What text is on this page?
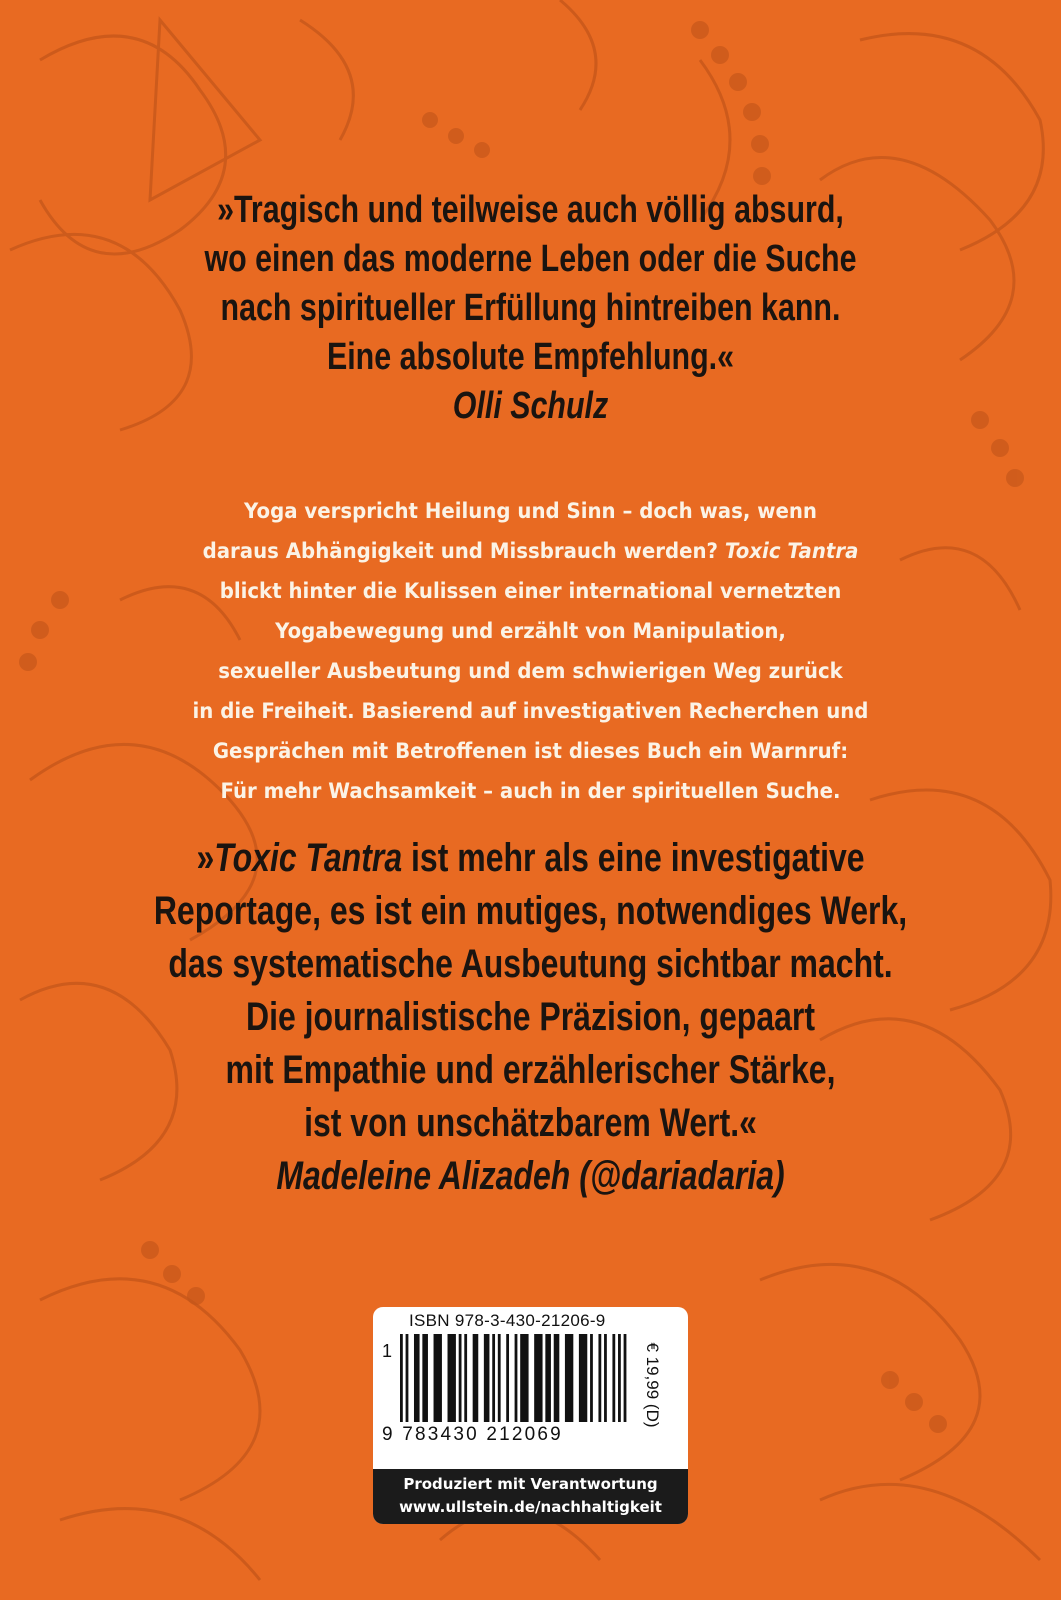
»Tragisch und teilweise auch völlig absurd,
wo einen das moderne Leben oder die Suche
nach spiritueller Erfüllung hintreiben kann.
Eine absolute Empfehlung.«
Olli Schulz
Yoga verspricht Heilung und Sinn – doch was, wenn
daraus Abhängigkeit und Missbrauch werden? Toxic Tantra
blickt hinter die Kulissen einer international vernetzten
Yogabewegung und erzählt von Manipulation,
sexueller Ausbeutung und dem schwierigen Weg zurück
in die Freiheit. Basierend auf investigativen Recherchen und
Gesprächen mit Betroffenen ist dieses Buch ein Warnruf:
Für mehr Wachsamkeit – auch in der spirituellen Suche.
»Toxic Tantra ist mehr als eine investigative
Reportage, es ist ein mutiges, notwendiges Werk,
das systematische Ausbeutung sichtbar macht.
Die journalistische Präzision, gepaart
mit Empathie und erzählerischer Stärke,
ist von unschätzbarem Wert.«
Madeleine Alizadeh (@dariadaria)
ISBN 978-3-430-21206-9
1
9 783430 212069
€ 19,99 (D)
Produziert mit Verantwortung
www.ullstein.de/nachhaltigkeit
